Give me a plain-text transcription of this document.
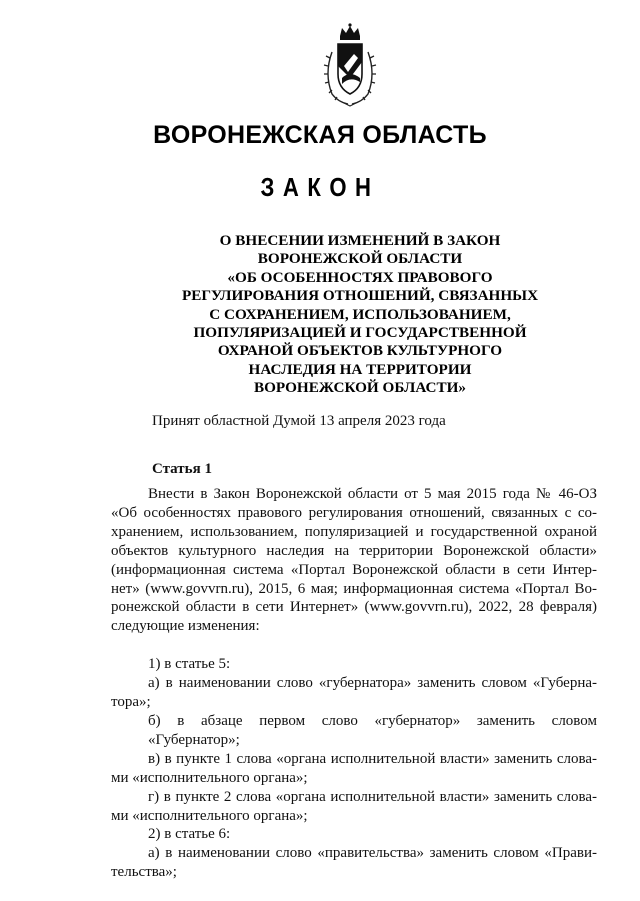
ВОРОНЕЖСКАЯ ОБЛАСТЬ
ЗАКОН
О ВНЕСЕНИИ ИЗМЕНЕНИЙ В ЗАКОН
ВОРОНЕЖСКОЙ ОБЛАСТИ
«ОБ ОСОБЕННОСТЯХ ПРАВОВОГО
РЕГУЛИРОВАНИЯ ОТНОШЕНИЙ, СВЯЗАННЫХ
С СОХРАНЕНИЕМ, ИСПОЛЬЗОВАНИЕМ,
ПОПУЛЯРИЗАЦИЕЙ И ГОСУДАРСТВЕННОЙ
ОХРАНОЙ ОБЪЕКТОВ КУЛЬТУРНОГО
НАСЛЕДИЯ НА ТЕРРИТОРИИ
ВОРОНЕЖСКОЙ ОБЛАСТИ»
Принят областной Думой 13 апреля 2023 года
Статья 1
Внести в Закон Воронежской области от 5 мая 2015 года № 46-ОЗ
«Об особенностях правового регулирования отношений, связанных с со-
хранением, использованием, популяризацией и государственной охраной
объектов культурного наследия на территории Воронежской области»
(информационная система «Портал Воронежской области в сети Интер-
нет» (www.govvrn.ru), 2015, 6 мая; информационная система «Портал Во-
ронежской области в сети Интернет» (www.govvrn.ru), 2022, 28 февраля)
следующие изменения:
1) в статье 5:
а) в наименовании слово «губернатора» заменить словом «Губерна-
тора»;
б) в абзаце первом слово «губернатор» заменить словом «Губернатор»;
в) в пункте 1 слова «органа исполнительной власти» заменить слова-
ми «исполнительного органа»;
г) в пункте 2 слова «органа исполнительной власти» заменить слова-
ми «исполнительного органа»;
2) в статье 6:
а) в наименовании слово «правительства» заменить словом «Прави-
тельства»;
